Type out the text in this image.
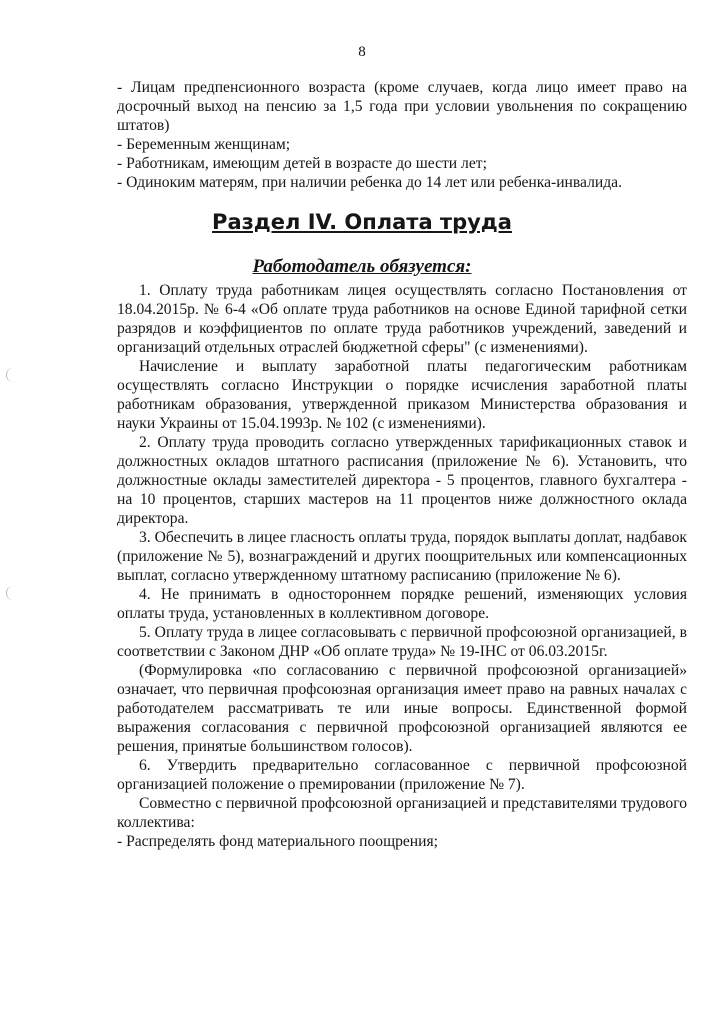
8

- Лицам предпенсионного возраста (кроме случаев, когда лицо имеет право на досрочный выход на пенсию за 1,5 года при условии увольнения по сокращению штатов)

- Беременным женщинам;

- Работникам, имеющим детей в возрасте до шести лет;

- Одиноким матерям, при наличии ребенка до 14 лет или ребенка-инвалида.

Раздел IV. Оплата труда
Работодатель обязуется:

1. Оплату труда работникам лицея осуществлять согласно Постановления от 18.04.2015р. № 6-4 «Об оплате труда работников на основе Единой тарифной сетки разрядов и коэффициентов по оплате труда работников учреждений, заведений и организаций отдельных отраслей бюджетной сферы" (с изменениями).

Начисление и выплату заработной платы педагогическим работникам осуществлять согласно Инструкции о порядке исчисления заработной платы работникам образования, утвержденной приказом Министерства образования и науки Украины от 15.04.1993р. № 102 (с изменениями).

2. Оплату труда проводить согласно утвержденных тарификационных ставок и должностных окладов штатного расписания (приложение № 6). Установить, что должностные оклады заместителей директора - 5 процентов, главного бухгалтера - на 10 процентов, старших мастеров на 11 процентов ниже должностного оклада директора.

3. Обеспечить в лицее гласность оплаты труда, порядок выплаты доплат, надбавок (приложение № 5), вознаграждений и других поощрительных или компенсационных выплат, согласно утвержденному штатному расписанию (приложение № 6).

4. Не принимать в одностороннем порядке решений, изменяющих условия оплаты труда, установленных в коллективном договоре.

5. Оплату труда в лицее согласовывать с первичной профсоюзной организацией, в соответствии с Законом ДНР «Об оплате труда» № 19-IНС от 06.03.2015г.

(Формулировка «по согласованию с первичной профсоюзной организацией» означает, что первичная профсоюзная организация имеет право на равных началах с работодателем рассматривать те или иные вопросы. Единственной формой выражения согласования с первичной профсоюзной организацией являются ее решения, принятые большинством голосов).

6. Утвердить предварительно согласованное с первичной профсоюзной организацией положение о премировании (приложение № 7).

Совместно с первичной профсоюзной организацией и представителями трудового коллектива:

- Распределять фонд материального поощрения;
